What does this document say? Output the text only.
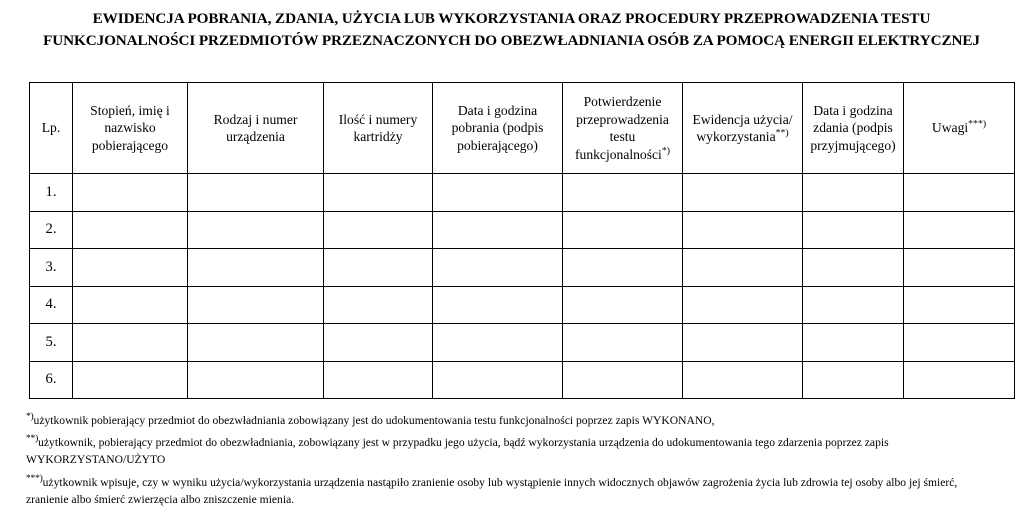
EWIDENCJA POBRANIA, ZDANIA, UŻYCIA LUB WYKORZYSTANIA ORAZ PROCEDURY PRZEPROWADZENIA TESTU FUNKCJONALNOŚCI PRZEDMIOTÓW PRZEZNACZONYCH DO OBEZWŁADNIANIA OSÓB ZA POMOCĄ ENERGII ELEKTRYCZNEJ
Lp.	Stopień, imię i nazwisko pobierającego	Rodzaj i numer urządzenia	Ilość i numery kartridży	Data i godzina pobrania (podpis pobierającego)	Potwierdzenie przeprowadzenia testu funkcjonalności*)	Ewidencja użycia/ wykorzystania**)	Data i godzina zdania (podpis przyjmującego)	Uwagi***)
1.								
2.								
3.								
4.								
5.								
6.								

*)użytkownik pobierający przedmiot do obezwładniania zobowiązany jest do udokumentowania testu funkcjonalności poprzez zapis WYKONANO,

**)użytkownik, pobierający przedmiot do obezwładniania, zobowiązany jest w przypadku jego użycia, bądź wykorzystania urządzenia do udokumentowania tego zdarzenia poprzez zapis WYKORZYSTANO/UŻYTO

***)użytkownik wpisuje, czy w wyniku użycia/wykorzystania urządzenia nastąpiło zranienie osoby lub wystąpienie innych widocznych objawów zagrożenia życia lub zdrowia tej osoby albo jej śmierć, zranienie albo śmierć zwierzęcia albo zniszczenie mienia.
